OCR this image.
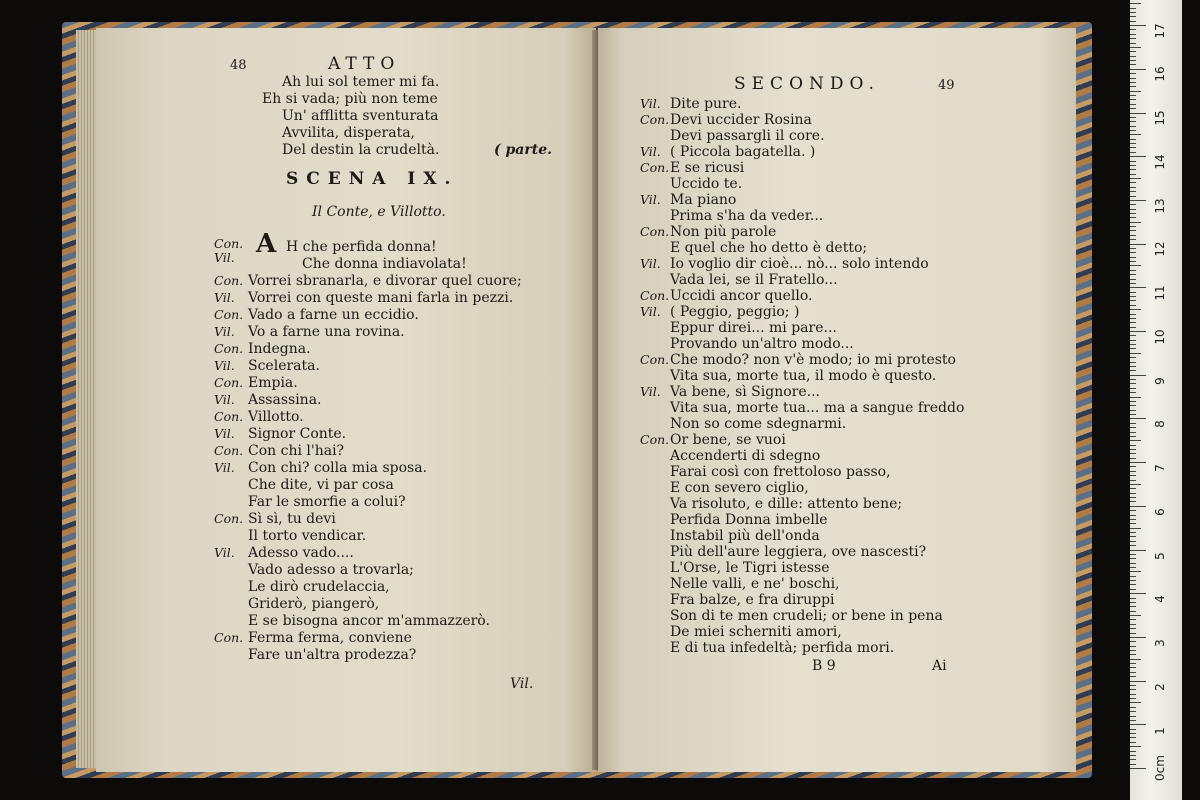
48	ATTO
Ah lui sol temer mi fa.
Eh si vada; più non teme
Un' afflitta sventurata
Avvilita, disperata,
Del destin la crudeltà.	( parte.
SCENA IX.
Il Conte, e Villotto.
A
Con.	H che perfida donna!
Vil.	Che donna indiavolata!
Con. Vorrei sbranarla, e divorar quel cuore;
Vil. Vorrei con queste mani farla in pezzi.
Con. Vado a farne un eccidio.
Vil. Vo a farne una rovina.
Con. Indegna.
Vil. Scelerata.
Con. Empia.
Vil. Assassina.
Con. Villotto.
Vil. Signor Conte.
Con. Con chi l'hai?
Vil. Con chi? colla mia sposa.
Che dite, vi par cosa
Far le smorfie a colui?
Con. Sì sì, tu devi
Il torto vendicar.
Vil. Adesso vado....
Vado adesso a trovarla;
Le dirò crudelaccia,
Griderò, piangerò,
E se bisogna ancor m'ammazzerò.
Con. Ferma ferma, conviene
Fare un'altra prodezza?
Vil.
SECONDO.	49
Vil. Dite pure.
Con. Devi uccider Rosina
Devi passargli il core.
Vil. ( Piccola bagatella. )
Con. E se ricusi
Uccido te.
Vil. Ma piano
Prima s'ha da veder...
Con. Non più parole
E quel che ho detto è detto;
Vil. Io voglio dir cioè... nò... solo intendo
Vada lei, se il Fratello...
Con. Uccidi ancor quello.
Vil. ( Peggio, peggio; )
Eppur direi... mi pare...
Provando un'altro modo...
Con. Che modo? non v'è modo; io mi protesto
Vita sua, morte tua, il modo è questo.
Vil. Va bene, sì Signore...
Vita sua, morte tua... ma a sangue freddo
Non so come sdegnarmi.
Con. Or bene, se vuoi
Accenderti di sdegno
Farai così con frettoloso passo,
E con severo ciglio,
Va risoluto, e dille: attento bene;
Perfida Donna imbelle
Instabil più dell'onda
Più dell'aure leggiera, ove nascesti?
L'Orse, le Tigri istesse
Nelle valli, e ne' boschi,
Fra balze, e fra diruppi
Son di te men crudeli; or bene in pena
De miei scherniti amori,
E di tua infedeltà; perfida mori.
B 9	Ai
0cm
1
2
3
4
5
6
7
8
9
10
11
12
13
14
15
16
17
